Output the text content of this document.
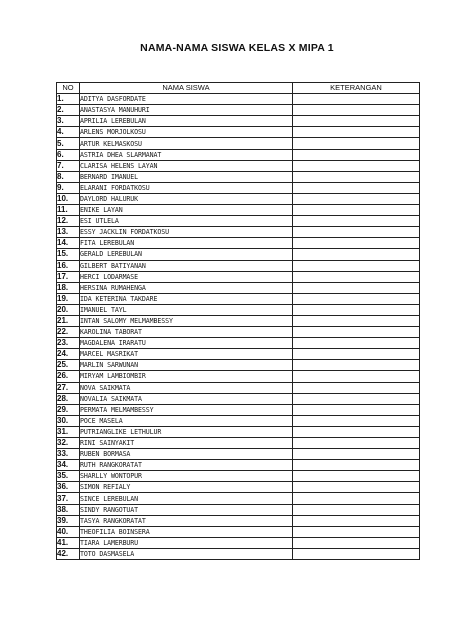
NAMA-NAMA SISWA KELAS X MIPA 1
NO	NAMA SISWA	KETERANGAN
1.	ADITYA DASFORDATE	
2.	ANASTASYA MANUHURI	
3.	APRILIA LEREBULAN	
4.	ARLENS MORJOLKOSU	
5.	ARTUR KELMASKOSU	
6.	ASTRIA DHEA SLARMANAT	
7.	CLARISA HELENS LAYAN	
8.	BERNARD IMANUEL	
9.	ELARANI FORDATKOSU	
10.	DAYLORD HALURUK	
11.	ENIKE LAYAN	
12.	ESI UTLELA	
13.	ESSY JACKLIN FORDATKOSU	
14.	FITA LEREBULAN	
15.	GERALD LEREBULAN	
16.	GILBERT BATIYANAN	
17.	HERCI LODARMASE	
18.	HERSINA RUMAHENGA	
19.	IDA KETERINA TAKDARE	
20.	IMANUEL TAYL	
21.	INTAN SALOMY MELMAMBESSY	
22.	KAROLINA TABORAT	
23.	MAGDALENA IRARATU	
24.	MARCEL MASRIKAT	
25.	MARLIN SARWUNAN	
26.	MIRYAM LAMBIOMBIR	
27.	NOVA SAIKMATA	
28.	NOVALIA SAIKMATA	
29.	PERMATA MELMAMBESSY	
30.	POCE MASELA	
31.	PUTRIANGLIKE LETHULUR	
32.	RINI SAINYAKIT	
33.	RUBEN BORMASA	
34.	RUTH RANGKORATAT	
35.	SHARLLY WONTOPUR	
36.	SIMON REFIALY	
37.	SINCE LEREBULAN	
38.	SINDY RANGOTUAT	
39.	TASYA RANGKORATAT	
40.	THEOFILIA BOINSERA	
41.	TIARA LAMERBURU	
42.	TOTO DASMASELA	
